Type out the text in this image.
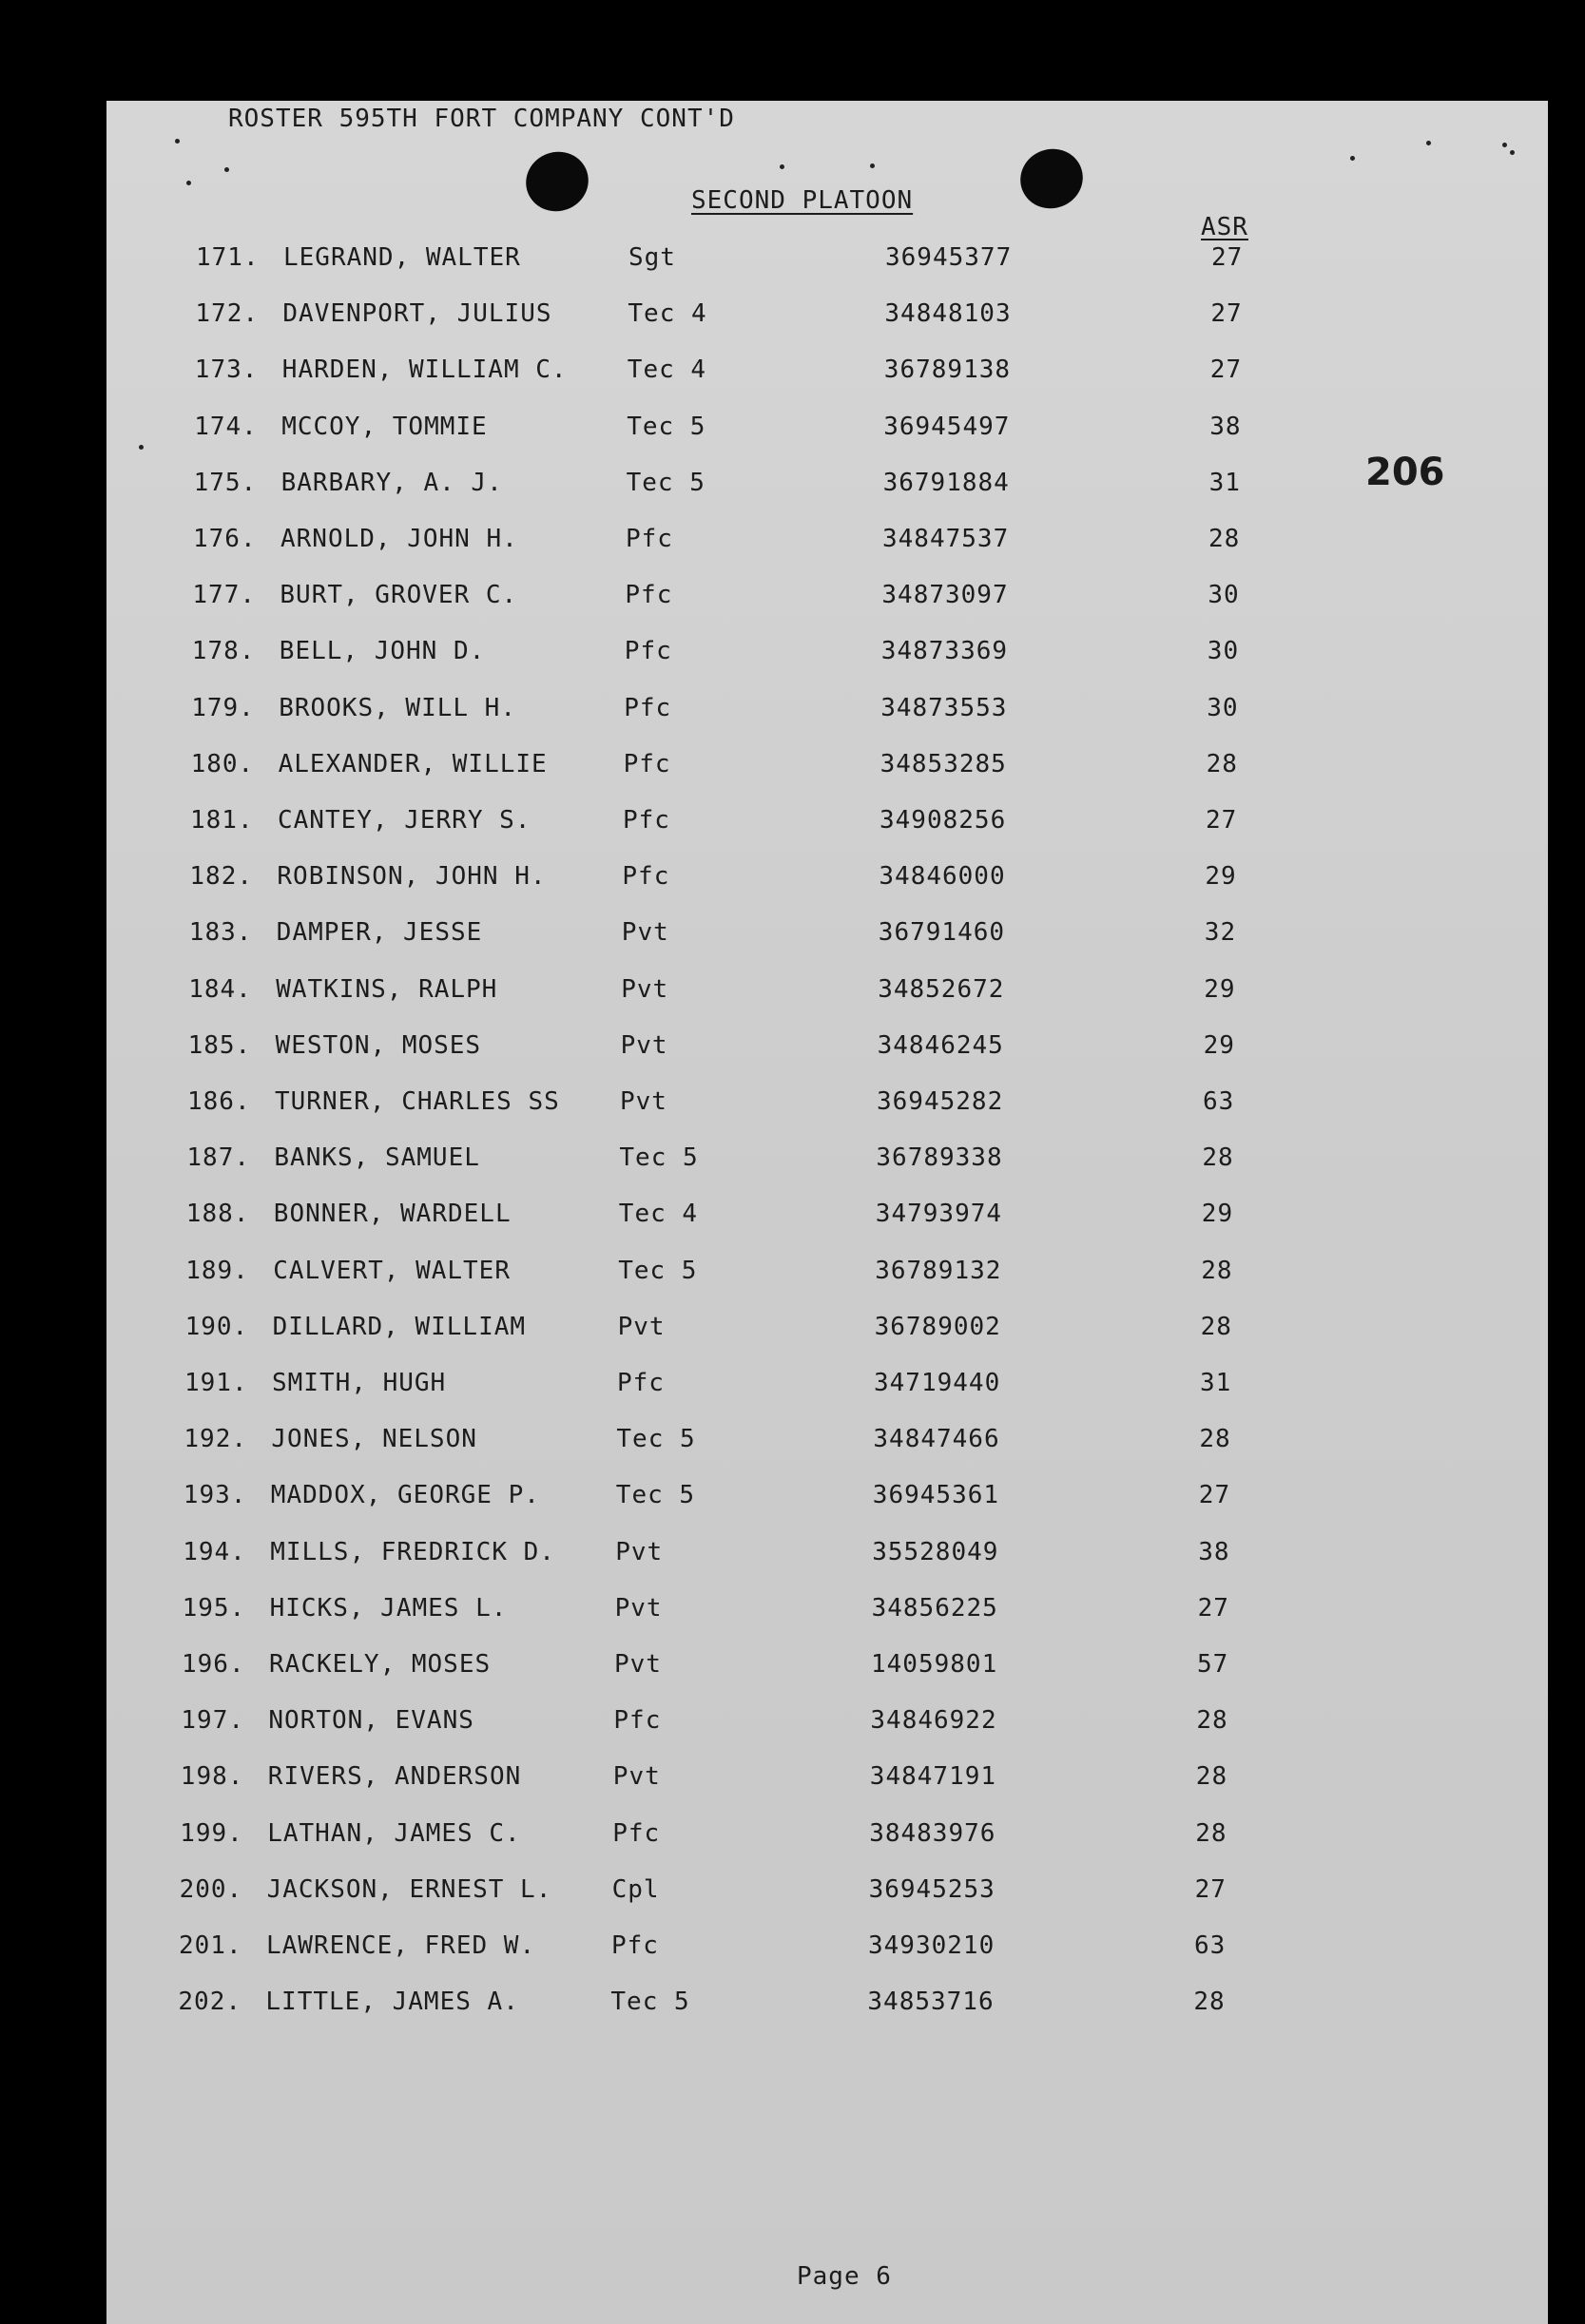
ROSTER 595TH FORT COMPANY CONT'D
SECOND PLATOON
ASR
206
171. LEGRAND, WALTER	Sgt	36945377	27
172. DAVENPORT, JULIUS	Tec 4	34848103	27
173. HARDEN, WILLIAM C. Tec 4	36789138	27
174. MCCOY, TOMMIE	Tec 5	36945497	38
175. BARBARY, A. J.	Tec 5	36791884	31
176. ARNOLD, JOHN H.	Pfc	34847537	28
177. BURT, GROVER C.	Pfc	34873097	30
178. BELL, JOHN D.	Pfc	34873369	30
179. BROOKS, WILL H.	Pfc	34873553	30
180. ALEXANDER, WILLIE	Pfc	34853285	28
181. CANTEY, JERRY S.	Pfc	34908256	27
182. ROBINSON, JOHN H.	Pfc	34846000	29
183. DAMPER, JESSE	Pvt	36791460	32
184. WATKINS, RALPH	Pvt	34852672	29
185. WESTON, MOSES	Pvt	34846245	29
186. TURNER, CHARLES SS Pvt	36945282	63
187. BANKS, SAMUEL	Tec 5	36789338	28
188. BONNER, WARDELL	Tec 4	34793974	29
189. CALVERT, WALTER	Tec 5	36789132	28
190. DILLARD, WILLIAM	Pvt	36789002	28
191. SMITH, HUGH	Pfc	34719440	31
192. JONES, NELSON	Tec 5	34847466	28
193. MADDOX, GEORGE P.	Tec 5	36945361	27
194. MILLS, FREDRICK D. Pvt	35528049	38
195. HICKS, JAMES L.	Pvt	34856225	27
196. RACKELY, MOSES	Pvt	14059801	57
197. NORTON, EVANS	Pfc	34846922	28
198. RIVERS, ANDERSON	Pvt	34847191	28
199. LATHAN, JAMES C.	Pfc	38483976	28
200. JACKSON, ERNEST L. Cpl	36945253	27
201. LAWRENCE, FRED W.	Pfc	34930210	63
202. LITTLE, JAMES A.	Tec 5	34853716	28
Page 6
